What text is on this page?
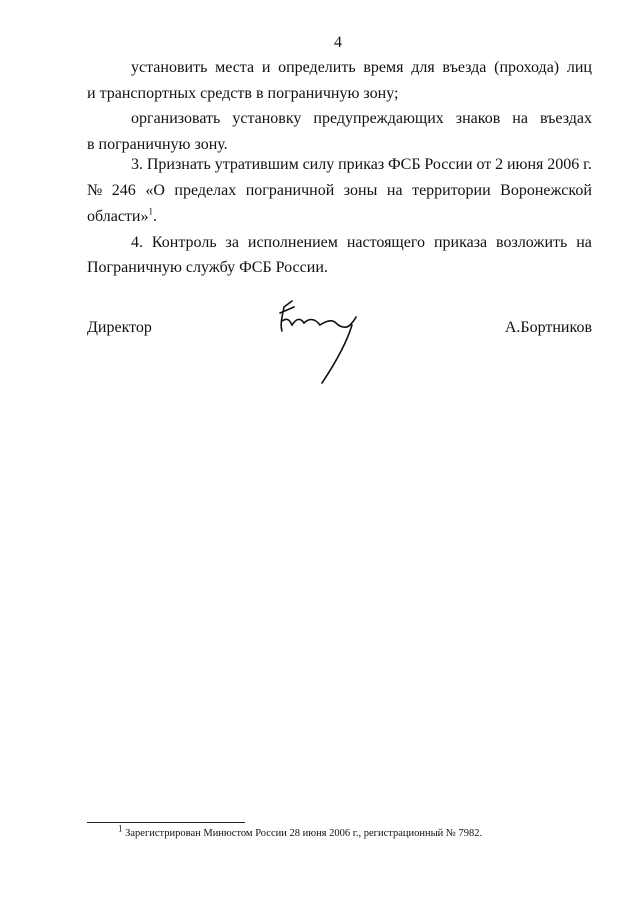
4
установить места и определить время для въезда (прохода) лиц
и транспортных средств в пограничную зону;
организовать установку предупреждающих знаков на въездах
в пограничную зону.
3. Признать утратившим силу приказ ФСБ России от 2 июня 2006 г.
№ 246 «О пределах пограничной зоны на территории Воронежской
области»$^1$.
4. Контроль за исполнением настоящего приказа возложить на
Пограничную службу ФСБ России.
Директор	А.Бортников
$^1$ Зарегистрирован Минюстом России 28 июня 2006 г., регистрационный № 7982.
